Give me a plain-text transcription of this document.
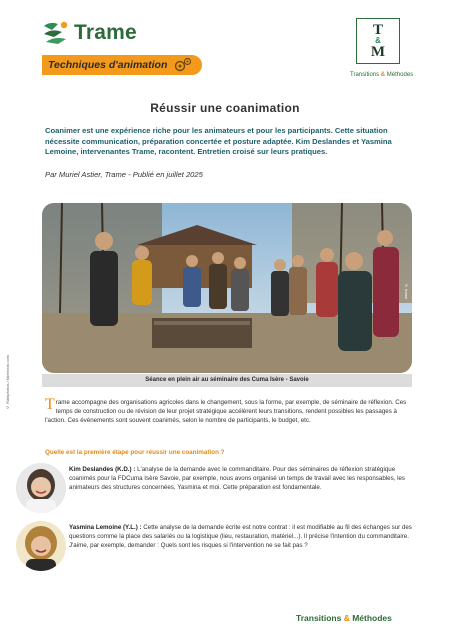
Trame
Techniques d'animation
T
&
M
Transitions & Méthodes
Réussir une coanimation
Coanimer est une expérience riche pour les animateurs et pour les participants. Cette situation nécessite communication, préparation concertée et posture adaptée. Kim Deslandes et Yasmina Lemoine, intervenantes Trame, racontent. Entretien croisé sur leurs pratiques.
Par Muriel Astier, Trame - Publié en juillet 2025
© trame
Séance en plein air au séminaire des Cuma Isère - Savoie
© Rafaphotos / fabebook.com Trame accompagne des organisations agricoles dans le changement, sous la forme, par exemple, de séminaire de réflexion. Ces temps de construction ou de révision de leur projet stratégique accélèrent leurs transitions, rendent possibles les passages à l'action. Ces événements sont souvent coanimés, selon le nombre de participants, le budget, etc.
Quelle est la première étape pour réussir une coanimation ?
Kim Deslandes (K.D.) : L'analyse de la demande avec le commanditaire. Pour des séminaires de réflexion stratégique coanimés pour la FDCuma Isère Savoie, par exemple, nous avons organisé un temps de travail avec les responsables, les animateurs des structures concernées, Yasmina et moi. Cette préparation est fondamentale.
Yasmina Lemoine (Y.L.) : Cette analyse de la demande écrite est notre contrat : il est modifiable au fil des échanges sur des questions comme la place des salariés ou la logistique (lieu, restauration, matériel...). Il précise l'intention du commanditaire. J'aime, par exemple, demander : Quels sont les risques si l'intervention ne se fait pas ?
Transitions & Méthodes
